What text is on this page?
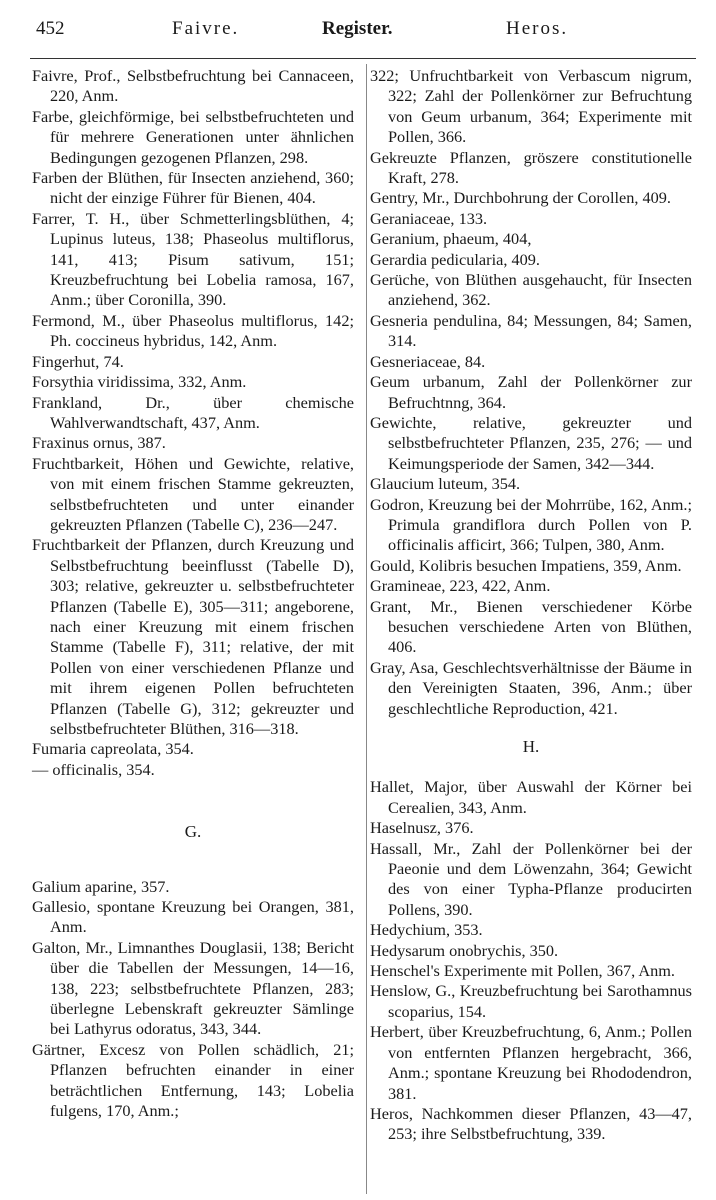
452	Faivre.	Register.	Heros.

Faivre, Prof., Selbstbefruchtung bei Cannaceen, 220, Anm.

Farbe, gleichförmige, bei selbstbefruchteten und für mehrere Generationen unter ähnlichen Bedingungen gezogenen Pflanzen, 298.

Farben der Blüthen, für Insecten anziehend, 360; nicht der einzige Führer für Bienen, 404.

Farrer, T. H., über Schmetterlingsblüthen, 4; Lupinus luteus, 138; Phaseolus multiflorus, 141, 413; Pisum sativum, 151; Kreuzbefruchtung bei Lobelia ramosa, 167, Anm.; über Coronilla, 390.

Fermond, M., über Phaseolus multiflorus, 142; Ph. coccineus hybridus, 142, Anm.

Fingerhut, 74.

Forsythia viridissima, 332, Anm.

Frankland, Dr., über chemische Wahlverwandtschaft, 437, Anm.

Fraxinus ornus, 387.

Fruchtbarkeit, Höhen und Gewichte, relative, von mit einem frischen Stamme gekreuzten, selbstbefruchteten und unter einander gekreuzten Pflanzen (Tabelle C), 236—247.

Fruchtbarkeit der Pflanzen, durch Kreuzung und Selbstbefruchtung beeinflusst (Tabelle D), 303; relative, gekreuzter u. selbstbefruchteter Pflanzen (Tabelle E), 305—311; angeborene, nach einer Kreuzung mit einem frischen Stamme (Tabelle F), 311; relative, der mit Pollen von einer verschiedenen Pflanze und mit ihrem eigenen Pollen befruchteten Pflanzen (Tabelle G), 312; gekreuzter und selbstbefruchteter Blüthen, 316—318.

Fumaria capreolata, 354.

— officinalis, 354.

G.

Galium aparine, 357.

Gallesio, spontane Kreuzung bei Orangen, 381, Anm.

Galton, Mr., Limnanthes Douglasii, 138; Bericht über die Tabellen der Messungen, 14—16, 138, 223; selbstbefruchtete Pflanzen, 283; überlegne Lebenskraft gekreuzter Sämlinge bei Lathyrus odoratus, 343, 344.

Gärtner, Excesz von Pollen schädlich, 21; Pflanzen befruchten einander in einer beträchtlichen Entfernung, 143; Lobelia fulgens, 170, Anm.;

322; Unfruchtbarkeit von Verbascum nigrum, 322; Zahl der Pollenkörner zur Befruchtung von Geum urbanum, 364; Experimente mit Pollen, 366.

Gekreuzte Pflanzen, gröszere constitutionelle Kraft, 278.

Gentry, Mr., Durchbohrung der Corollen, 409.

Geraniaceae, 133.

Geranium, phaeum, 404,

Gerardia pedicularia, 409.

Gerüche, von Blüthen ausgehaucht, für Insecten anziehend, 362.

Gesneria pendulina, 84; Messungen, 84; Samen, 314.

Gesneriaceae, 84.

Geum urbanum, Zahl der Pollenkörner zur Befruchtnng, 364.

Gewichte, relative, gekreuzter und selbstbefruchteter Pflanzen, 235, 276; — und Keimungsperiode der Samen, 342—344.

Glaucium luteum, 354.

Godron, Kreuzung bei der Mohrrübe, 162, Anm.; Primula grandiflora durch Pollen von P. officinalis afficirt, 366; Tulpen, 380, Anm.

Gould, Kolibris besuchen Impatiens, 359, Anm.

Gramineae, 223, 422, Anm.

Grant, Mr., Bienen verschiedener Körbe besuchen verschiedene Arten von Blüthen, 406.

Gray, Asa, Geschlechtsverhältnisse der Bäume in den Vereinigten Staaten, 396, Anm.; über geschlechtliche Reproduction, 421.

H.

Hallet, Major, über Auswahl der Körner bei Cerealien, 343, Anm.

Haselnusz, 376.

Hassall, Mr., Zahl der Pollenkörner bei der Paeonie und dem Löwenzahn, 364; Gewicht des von einer Typha-Pflanze producirten Pollens, 390.

Hedychium, 353.

Hedysarum onobrychis, 350.

Henschel's Experimente mit Pollen, 367, Anm.

Henslow, G., Kreuzbefruchtung bei Sarothamnus scoparius, 154.

Herbert, über Kreuzbefruchtung, 6, Anm.; Pollen von entfernten Pflanzen hergebracht, 366, Anm.; spontane Kreuzung bei Rhododendron, 381.

Heros, Nachkommen dieser Pflanzen, 43—47, 253; ihre Selbstbefruchtung, 339.
